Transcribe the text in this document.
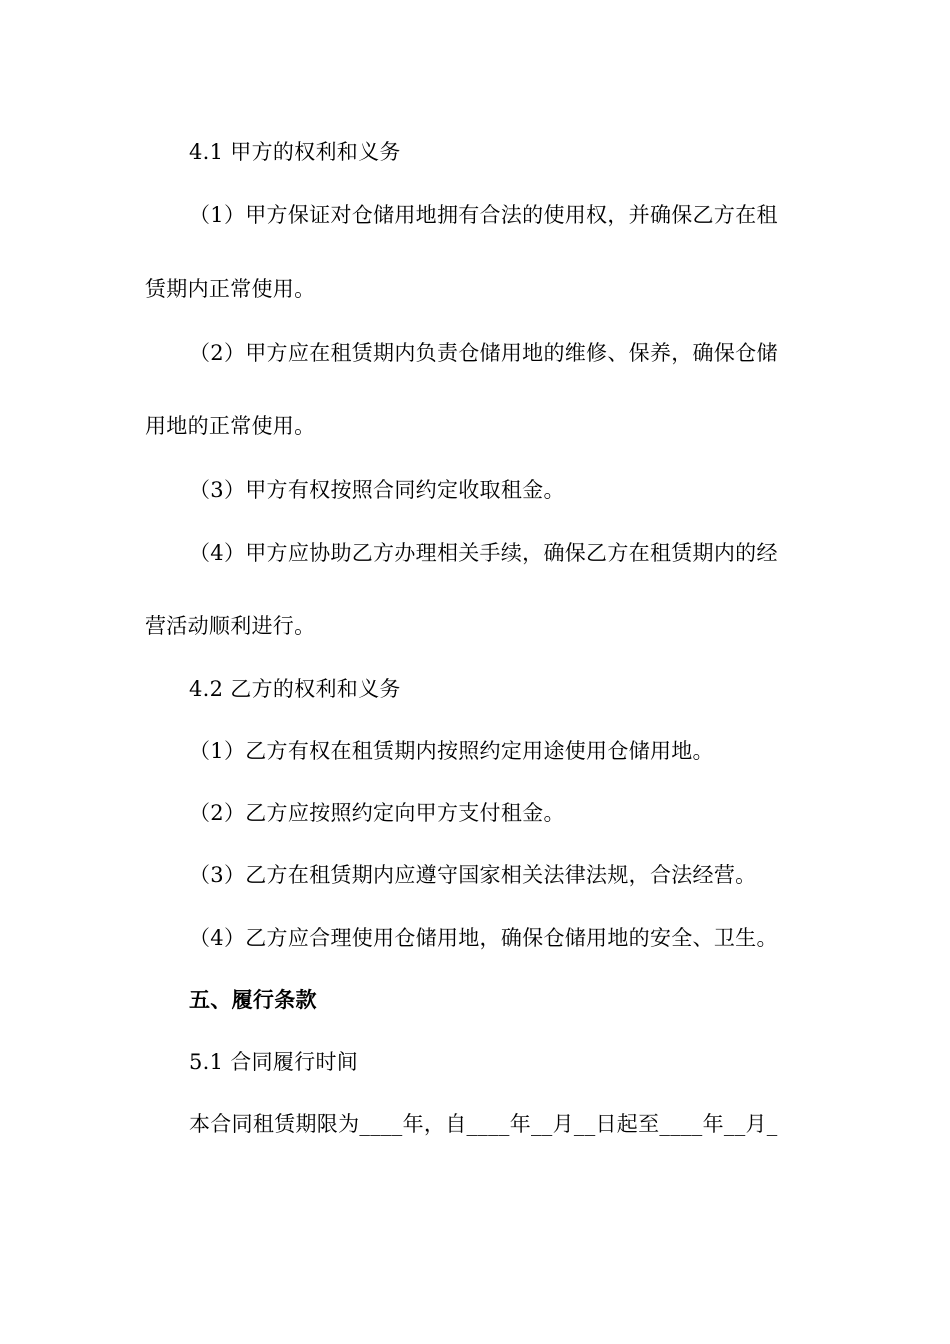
4.1 甲方的权利和义务
（1）甲方保证对仓储用地拥有合法的使用权，并确保乙方在租
赁期内正常使用。
（2）甲方应在租赁期内负责仓储用地的维修、保养，确保仓储
用地的正常使用。
（3）甲方有权按照合同约定收取租金。
（4）甲方应协助乙方办理相关手续，确保乙方在租赁期内的经
营活动顺利进行。
4.2 乙方的权利和义务
（1）乙方有权在租赁期内按照约定用途使用仓储用地。
（2）乙方应按照约定向甲方支付租金。
（3）乙方在租赁期内应遵守国家相关法律法规，合法经营。
（4）乙方应合理使用仓储用地，确保仓储用地的安全、卫生。
五、履行条款
5.1 合同履行时间
本合同租赁期限为____年，自____年__月__日起至____年__月_
